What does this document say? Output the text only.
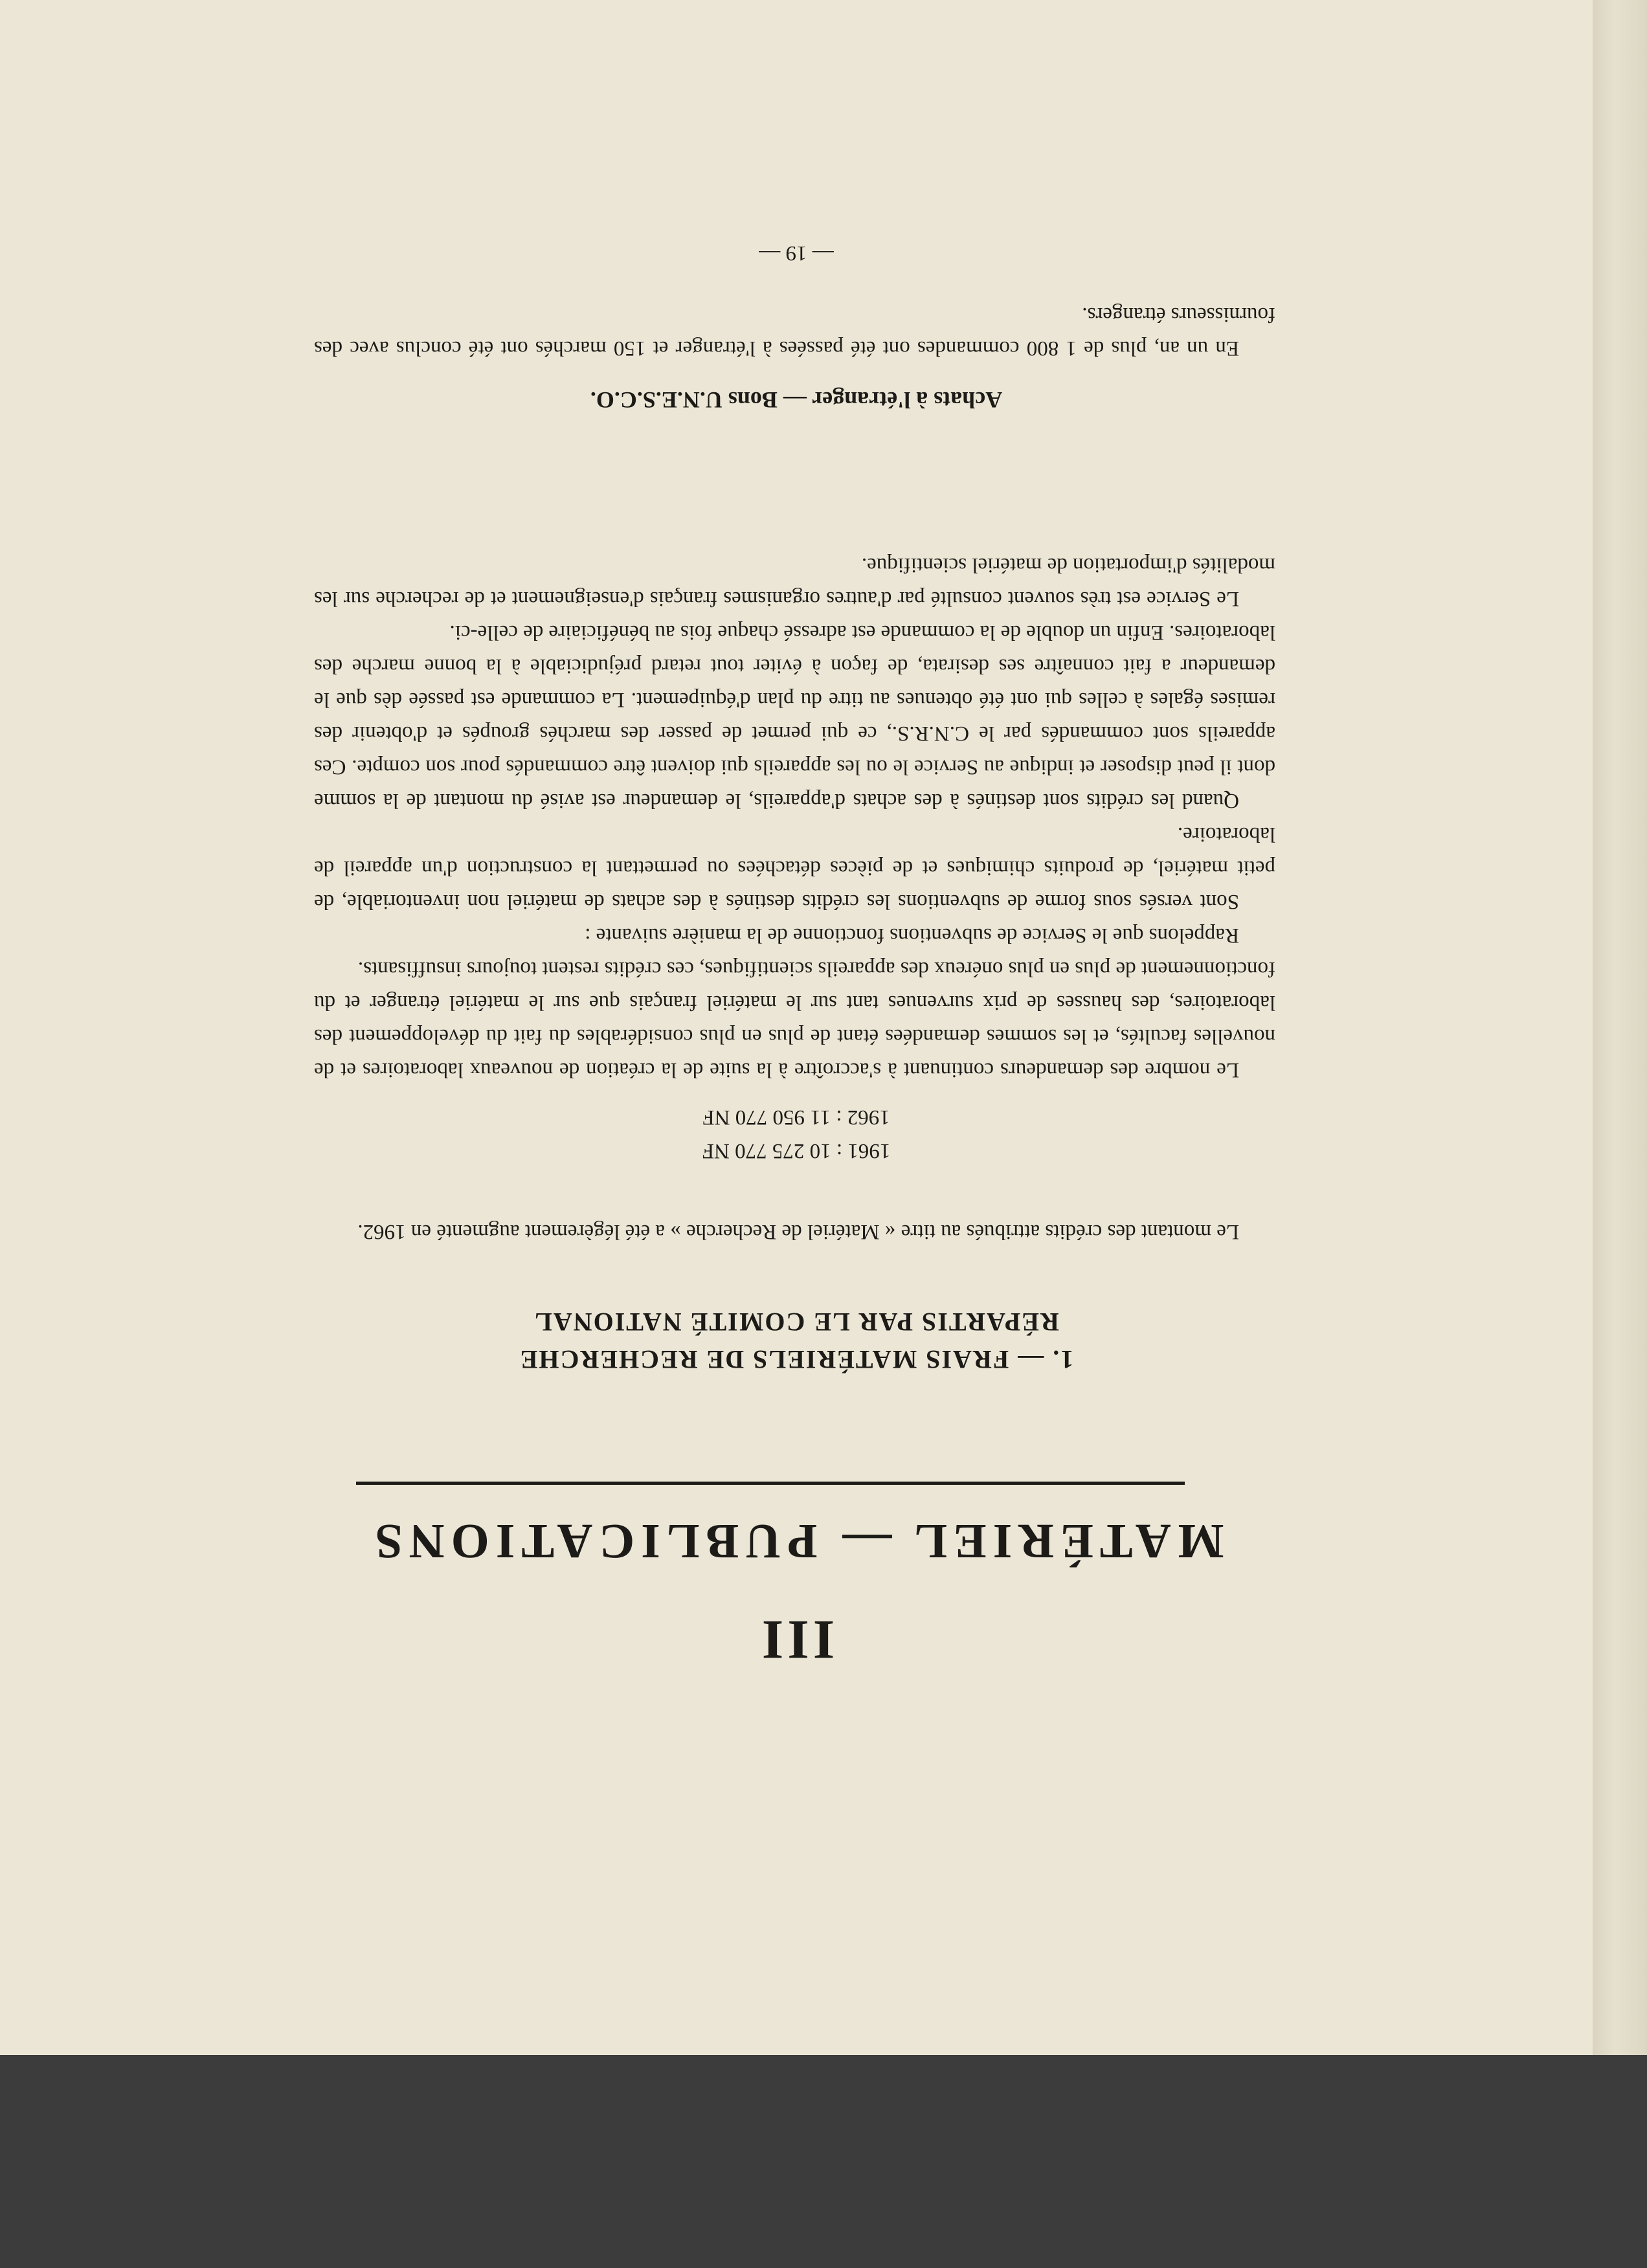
III
MATÉRIEL — PUBLICATIONS
1. — FRAIS MATÉRIELS DE RECHERCHE
RÉPARTIS PAR LE COMITÉ NATIONAL

Le montant des crédits attribués au titre « Matériel de Recherche » a été légèrement augmenté en 1962.

1961 : 10 275 770 NF
1962 : 11 950 770 NF

Le nombre des demandeurs continuant à s'accroître à la suite de la création de nouveaux laboratoires et de nouvelles facultés, et les sommes demandées étant de plus en plus considérables du fait du développement des laboratoires, des hausses de prix survenues tant sur le matériel français que sur le matériel étranger et du fonctionnement de plus en plus onéreux des appareils scientifiques, ces crédits restent toujours insuffisants.

Rappelons que le Service de subventions fonctionne de la manière suivante :

Sont versés sous forme de subventions les crédits destinés à des achats de matériel non inventoriable, de petit matériel, de produits chimiques et de pièces détachées ou permettant la construction d'un appareil de laboratoire.

Quand les crédits sont destinés à des achats d'appareils, le demandeur est avisé du montant de la somme dont il peut disposer et indique au Service le ou les appareils qui doivent être commandés pour son compte. Ces appareils sont commandés par le C.N.R.S., ce qui permet de passer des marchés groupés et d'obtenir des remises égales à celles qui ont été obtenues au titre du plan d'équipement. La commande est passée dès que le demandeur a fait connaître ses desirata, de façon à éviter tout retard préjudiciable à la bonne marche des laboratoires. Enfin un double de la commande est adressé chaque fois au bénéficiaire de celle-ci.

Le Service est très souvent consulté par d'autres organismes français d'enseignement et de recherche sur les modalités d'importation de matériel scientifique.

Achats à l'étranger — Bons U.N.E.S.C.O.

En un an, plus de 1 800 commandes ont été passées à l'étranger et 150 marchés ont été conclus avec des fournisseurs étrangers.

— 19 —
